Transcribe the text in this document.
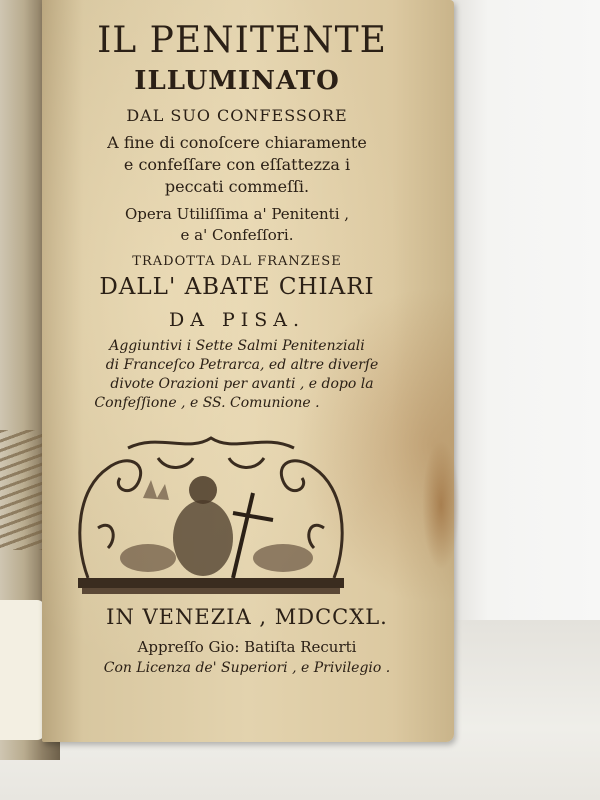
IL PENITENTE
ILLUMINATO
DAL SUO CONFESSORE
A fine di conoſcere chiaramente
e confeſſare con eſſattezza i
peccati commeſſi.
Opera Utiliſſima a' Penitenti ,
e a' Confeſſori.
TRADOTTA DAL FRANZESE
DALL' ABATE CHIARI
DA PISA.
Aggiuntivi i Sette Salmi Penitenziali
di Franceſco Petrarca, ed altre diverſe
divote Orazioni per avanti , e dopo la
Confeſſione , e SS. Comunione .
IN VENEZIA , MDCCXL.
Appreſſo Gio: Batiſta Recurti
Con Licenza de' Superiori , e Privilegio .
